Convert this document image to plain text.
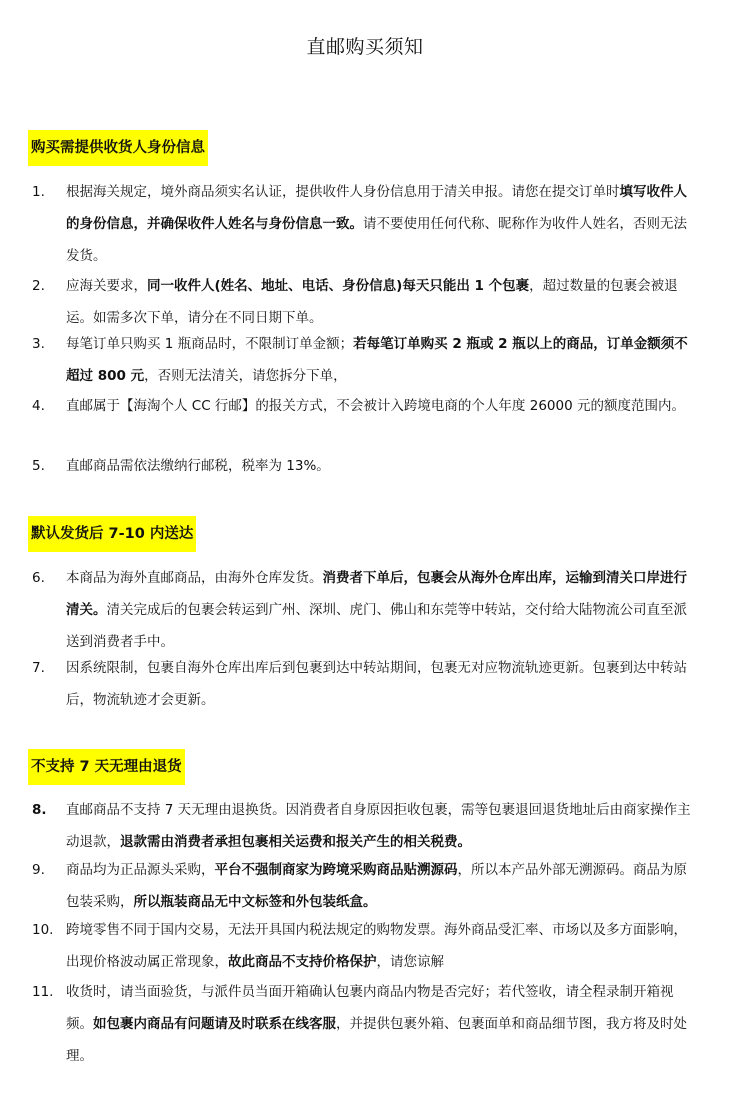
直邮购买须知
购买需提供收货人身份信息
1.	根据海关规定，境外商品须实名认证，提供收件人身份信息用于清关申报。请您在提交订单时填写收件人的身份信息，并确保收件人姓名与身份信息一致。请不要使用任何代称、昵称作为收件人姓名，否则无法发货。
2.	应海关要求，同一收件人(姓名、地址、电话、身份信息)每天只能出 1 个包裹，超过数量的包裹会被退运。如需多次下单，请分在不同日期下单。
3.	每笔订单只购买 1 瓶商品时，不限制订单金额；若每笔订单购买 2 瓶或 2 瓶以上的商品，订单金额须不超过 800 元，否则无法清关，请您拆分下单，
4.	直邮属于【海淘个人 CC 行邮】的报关方式，不会被计入跨境电商的个人年度 26000 元的额度范围内。
5.	直邮商品需依法缴纳行邮税，税率为 13%。
默认发货后 7-10 内送达
6.	本商品为海外直邮商品，由海外仓库发货。消费者下单后，包裹会从海外仓库出库，运输到清关口岸进行清关。清关完成后的包裹会转运到广州、深圳、虎门、佛山和东莞等中转站，交付给大陆物流公司直至派送到消费者手中。
7.	因系统限制，包裹自海外仓库出库后到包裹到达中转站期间，包裹无对应物流轨迹更新。包裹到达中转站后，物流轨迹才会更新。
不支持 7 天无理由退货
8.	直邮商品不支持 7 天无理由退换货。因消费者自身原因拒收包裹，需等包裹退回退货地址后由商家操作主动退款，退款需由消费者承担包裹相关运费和报关产生的相关税费。
9.	商品均为正品源头采购，平台不强制商家为跨境采购商品贴溯源码，所以本产品外部无溯源码。商品为原包装采购，所以瓶装商品无中文标签和外包装纸盒。
10. 跨境零售不同于国内交易，无法开具国内税法规定的购物发票。海外商品受汇率、市场以及多方面影响，出现价格波动属正常现象，故此商品不支持价格保护，请您谅解
11. 收货时，请当面验货，与派件员当面开箱确认包裹内商品内物是否完好；若代签收，请全程录制开箱视频。如包裹内商品有问题请及时联系在线客服，并提供包裹外箱、包裹面单和商品细节图，我方将及时处理。
